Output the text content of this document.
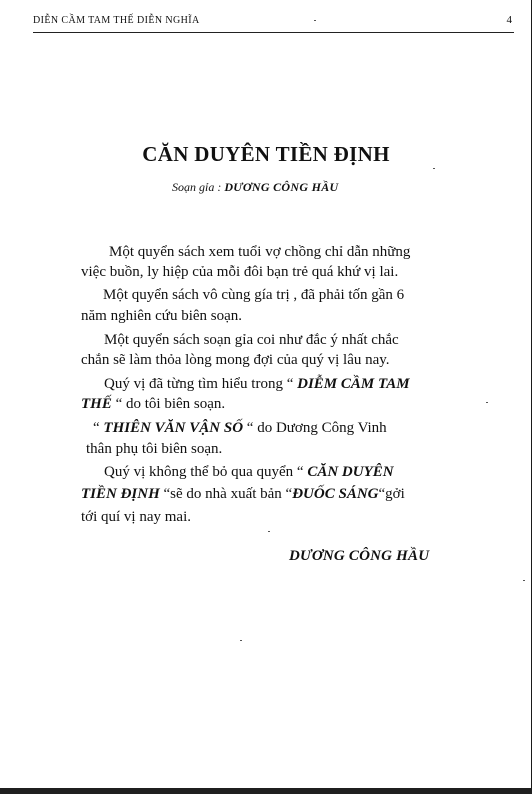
DIỄN CẦM TAM THẾ DIỄN NGHĨA	4
CĂN DUYÊN TIỀN ĐỊNH
Soạn gỉa : DƯƠNG CÔNG HẦU
Một quyển sách xem tuổi vợ chồng chỉ dẫn những
việc buồn, ly hiệp của mỗi đôi bạn trẻ quá khứ vị lai.
Một quyển sách vô cùng gía trị , đã phải tốn gần 6
năm nghiên cứu biên soạn.
Một quyển sách soạn gỉa coi như đắc ý nhất chắc
chắn sẽ làm thỏa lòng mong đợi của quý vị lâu nay.
Quý vị đã từng tìm hiểu trong “ DIỄM CẦM TAM
THẾ “ do tôi biên soạn.
“ THIÊN VĂN VẬN SỐ “ do Dương Công Vinh
thân phụ tôi biên soạn.
Quý vị không thể bỏ qua quyển “ CĂN DUYÊN
TIỀN ĐỊNH “sẽ do nhà xuất bản “ĐUỐC SÁNG“gởi
tới quí vị nay mai.
DƯƠNG CÔNG HẦU
